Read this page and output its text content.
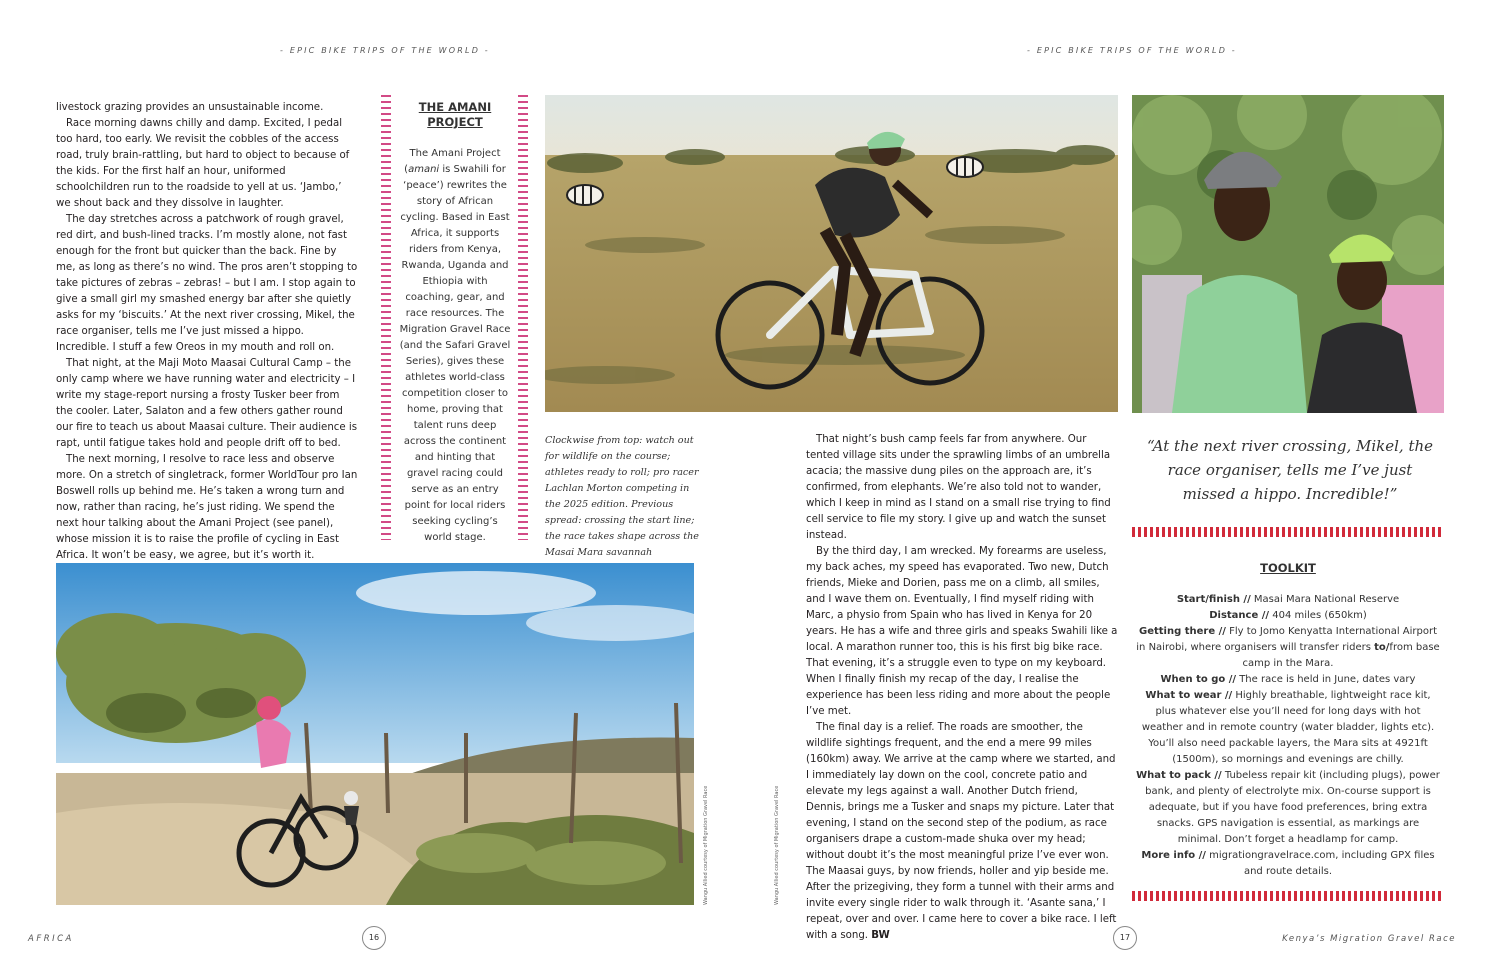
- EPIC BIKE TRIPS OF THE WORLD -	- EPIC BIKE TRIPS OF THE WORLD -

livestock grazing provides an unsustainable income.

Race morning dawns chilly and damp. Excited, I pedal too hard, too early. We revisit the cobbles of the access road, truly brain-rattling, but hard to object to because of the kids. For the first half an hour, uniformed schoolchildren run to the roadside to yell at us. ‘Jambo,’ we shout back and they dissolve in laughter.

The day stretches across a patchwork of rough gravel, red dirt, and bush-lined tracks. I’m mostly alone, not fast enough for the front but quicker than the back. Fine by me, as long as there’s no wind. The pros aren’t stopping to take pictures of zebras – zebras! – but I am. I stop again to give a small girl my smashed energy bar after she quietly asks for my ‘biscuits.’ At the next river crossing, Mikel, the race organiser, tells me I’ve just missed a hippo. Incredible. I stuff a few Oreos in my mouth and roll on.

That night, at the Maji Moto Maasai Cultural Camp – the only camp where we have running water and electricity – I write my stage-report nursing a frosty Tusker beer from the cooler. Later, Salaton and a few others gather round our fire to teach us about Maasai culture. Their audience is rapt, until fatigue takes hold and people drift off to bed.

The next morning, I resolve to race less and observe more. On a stretch of singletrack, former WorldTour pro Ian Boswell rolls up behind me. He’s taken a wrong turn and now, rather than racing, he’s just riding. We spend the next hour talking about the Amani Project (see panel), whose mission it is to raise the profile of cycling in East Africa. It won’t be easy, we agree, but it’s worth it.

THE AMANI
PROJECT
The Amani Project (amani is Swahili for ‘peace’) rewrites the story of African cycling. Based in East Africa, it supports riders from Kenya, Rwanda, Uganda and Ethiopia with coaching, gear, and race resources. The Migration Gravel Race (and the Safari Gravel Series), gives these athletes world-class competition closer to home, proving that talent runs deep across the continent and hinting that gravel racing could serve as an entry point for local riders seeking cycling’s world stage.
Clockwise from top: watch out for wildlife on the course; athletes ready to roll; pro racer Lachlan Morton competing in the 2025 edition. Previous spread: crossing the start line; the race takes shape across the Masai Mara savannah

That night’s bush camp feels far from anywhere. Our tented village sits under the sprawling limbs of an umbrella acacia; the massive dung piles on the approach are, it’s confirmed, from elephants. We’re also told not to wander, which I keep in mind as I stand on a small rise trying to find cell service to file my story. I give up and watch the sunset instead.

By the third day, I am wrecked. My forearms are useless, my back aches, my speed has evaporated. Two new, Dutch friends, Mieke and Dorien, pass me on a climb, all smiles, and I wave them on. Eventually, I find myself riding with Marc, a physio from Spain who has lived in Kenya for 20 years. He has a wife and three girls and speaks Swahili like a local. A marathon runner too, this is his first big bike race. That evening, it’s a struggle even to type on my keyboard. When I finally finish my recap of the day, I realise the experience has been less riding and more about the people I’ve met.

The final day is a relief. The roads are smoother, the wildlife sightings frequent, and the end a mere 99 miles (160km) away. We arrive at the camp where we started, and I immediately lay down on the cool, concrete patio and elevate my legs against a wall. Another Dutch friend, Dennis, brings me a Tusker and snaps my picture. Later that evening, I stand on the second step of the podium, as race organisers drape a custom-made shuka over my head; without doubt it’s the most meaningful prize I’ve ever won. The Maasai guys, by now friends, holler and yip beside me. After the prizegiving, they form a tunnel with their arms and invite every single rider to walk through it. ‘Asante sana,’ I repeat, over and over. I came here to cover a bike race. I left with a song. BW

“At the next river crossing, Mikel, the race organiser, tells me I’ve just missed a hippo. Incredible!”
TOOLKIT
Start/finish // Masai Mara National Reserve
Distance // 404 miles (650km)
Getting there // Fly to Jomo Kenyatta International Airport in Nairobi, where organisers will transfer riders to/from base camp in the Mara.
When to go // The race is held in June, dates vary
What to wear // Highly breathable, lightweight race kit, plus whatever else you’ll need for long days with hot weather and in remote country (water bladder, lights etc). You’ll also need packable layers, the Mara sits at 4921ft (1500m), so mornings and evenings are chilly.
What to pack // Tubeless repair kit (including plugs), power bank, and plenty of electrolyte mix. On-course support is adequate, but if you have food preferences, bring extra snacks. GPS navigation is essential, as markings are minimal. Don’t forget a headlamp for camp.
More info // migrationgravelrace.com, including GPX files and route details.
Wangu Allied courtesy of Migration Gravel Race	Wangu Allied courtesy of Migration Gravel Race
AFRICA	16	17	Kenya’s Migration Gravel Race
